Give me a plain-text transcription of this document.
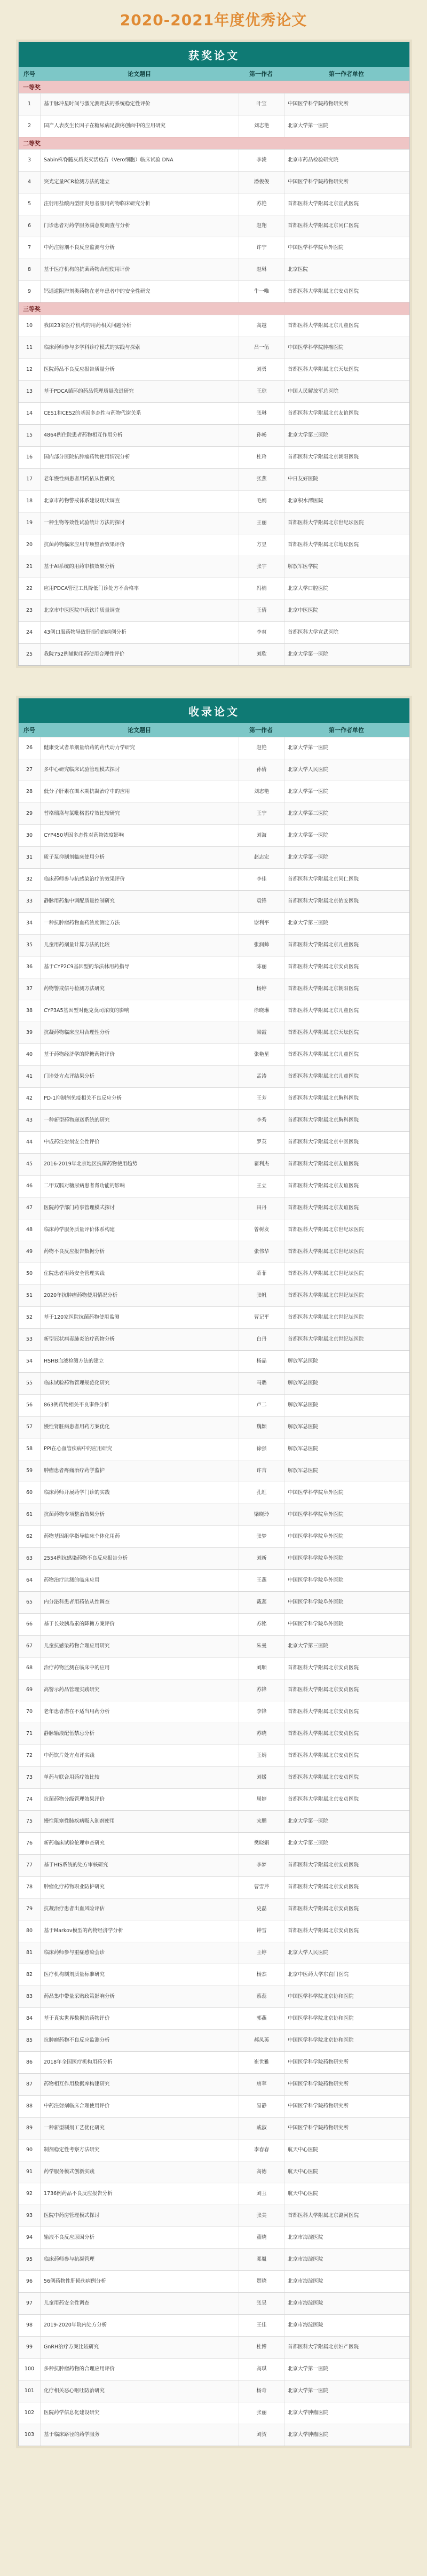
2020-2021年度优秀论文
获奖论文
序号	论文题目	第一作者	第一作者单位
一等奖
1	基于脉冲星时间与激光测距法的系统稳定性评价	叶宝	中国医学科学院药物研究所
2	国产人表皮生长因子在糖尿病足溃疡创面中的应用研究	刘志艳	北京大学第一医院
二等奖
3	Sabin株脊髓灰质炎灭活疫苗（Vero细胞）临床试验 DNA	李淩	北京市药品检验研究院
4	突光定量PCR检测方法的建立	潘俊俊	中国医学科学院药物研究所
5	注射用盐酸丙型肝炎患者服用药物临床研究分析	苏艳	首都医科大学附属北京宣武医院
6	门诊患者对药学服务满意度调查与分析	赵翔	首都医科大学附属北京同仁医院
7	中药注射剂不良反应监测与分析	许宁	中国医学科学院阜外医院
8	基于医疗机构的抗菌药物合理使用评价	赵琳	北京医院
9	钙通道阻滞剂类药物在老年患者中的安全性研究	牛一唯	首都医科大学附属北京安贞医院
三等奖
10	我国23家医疗机构的用药相关问题分析	高越	首都医科大学附属北京儿童医院
11	临床药师参与多学科诊疗模式的实践与探索	吕一伍	中国医学科学院肿瘤医院
12	医院药品不良反应报告质量分析	刘勇	首都医科大学附属北京天坛医院
13	基于PDCA循环的药品管理质量改进研究	王琼	中国人民解放军总医院
14	CES1和CES2的基因多态性与药物代谢关系	张琳	首都医科大学附属北京友谊医院
15	4864例住院患者药物相互作用分析	孙畅	北京大学第三医院
16	国内部分医院抗肿瘤药物使用情况分析	杜玲	首都医科大学附属北京朝阳医院
17	老年慢性病患者用药依从性研究	张燕	中日友好医院
18	北京市药物警戒体系建设现状调查	毛娟	北京积水潭医院
19	一种生物等效性试验统计方法的探讨	王丽	首都医科大学附属北京世纪坛医院
20	抗菌药物临床应用专项整治效果评价	方昱	首都医科大学附属北京地坛医院
21	基于AI系统的用药审核效果分析	张宇	解放军医学院
22	应用PDCA管理工具降低门诊处方不合格率	冯楠	北京大学口腔医院
23	北京市中医医院中药饮片质量调查	王倩	北京中医医院
24	43例口服药物导致肝损伤的病例分析	李爽	首都医科大学宣武医院
25	我院752例辅助用药使用合理性评价	刘欣	北京大学第一医院
收录论文
序号	论文题目	第一作者	第一作者单位
26	健康受试者单剂量给药的药代动力学研究	赵艳	北京大学第一医院
27	多中心研究临床试验管理模式探讨	孙倩	北京大学人民医院
28	低分子肝素在围术期抗凝治疗中的应用	刘志艳	北京大学第一医院
29	替格瑞洛与氯吡格雷疗效比较研究	王宁	北京大学第三医院
30	CYP450基因多态性对药物浓度影响	刘海	北京大学第一医院
31	质子泵抑制剂临床使用分析	赵志宏	北京大学第一医院
32	临床药师参与抗感染治疗的效果评价	李佳	首都医科大学附属北京同仁医院
33	静脉用药集中调配质量控制研究	袁锋	首都医科大学附属北京佑安医院
34	一种抗肿瘤药物血药浓度测定方法	谢利平	北京大学第三医院
35	儿童用药剂量计算方法的比较	张润帅	首都医科大学附属北京儿童医院
36	基于CYP2C9基因型的华法林用药指导	陈丽	首都医科大学附属北京安贞医院
37	药物警戒信号检测方法研究	杨婷	首都医科大学附属北京朝阳医院
38	CYP3A5基因型对他克莫司浓度的影响	徐晓琳	首都医科大学附属北京儿童医院
39	抗凝药物临床应用合理性分析	梁霞	首都医科大学附属北京天坛医院
40	基于药物经济学的降糖药物评价	张艳星	首都医科大学附属北京儿童医院
41	门诊处方点评结果分析	孟涛	首都医科大学附属北京儿童医院
42	PD-1抑制剂免疫相关不良反应分析	王芳	首都医科大学附属北京胸科医院
43	一种新型药物递送系统的研究	李秀	首都医科大学附属北京胸科医院
44	中成药注射剂安全性评价	罗英	首都医科大学附属北京中医医院
45	2016-2019年北京地区抗菌药物使用趋势	翟利杰	首都医科大学附属北京友谊医院
46	二甲双胍对糖尿病患者肾功能的影响	王立	首都医科大学附属北京友谊医院
47	医院药学部门药事管理模式探讨	田丹	首都医科大学附属北京友谊医院
48	临床药学服务质量评价体系构建	曾树发	首都医科大学附属北京世纪坛医院
49	药物不良反应报告数据分析	张伟华	首都医科大学附属北京世纪坛医院
50	住院患者用药安全管理实践	薛菲	首都医科大学附属北京世纪坛医院
51	2020年抗肿瘤药物使用情况分析	张帆	首都医科大学附属北京世纪坛医院
52	基于120家医院抗菌药物使用监测	曹记平	首都医科大学附属北京世纪坛医院
53	新型冠状病毒肺炎治疗药物分析	白丹	首都医科大学附属北京世纪坛医院
54	HSHB血液检测方法的建立	杨晶	解放军总医院
55	临床试验药物管理规范化研究	马璐	解放军总医院
56	863例药物相关不良事件分析	卢二	解放军总医院
57	慢性肾脏病患者用药方案优化	魏颖	解放军总医院
58	PPI在心血管疾病中的应用研究	徐强	解放军总医院
59	肿瘤患者疼痛治疗药学监护	许吉	解放军总医院
60	临床药师开展药学门诊的实践	孔虹	中国医学科学院阜外医院
61	抗菌药物专项整治效果分析	梁晓玲	中国医学科学院阜外医院
62	药物基因组学指导临床个体化用药	张梦	中国医学科学院阜外医院
63	2554例抗感染药物不良反应报告分析	刘新	中国医学科学院阜外医院
64	药物治疗监测的临床应用	王燕	中国医学科学院阜外医院
65	内分泌科患者用药依从性调查	戴蕊	中国医学科学院阜外医院
66	基于长效胰岛素的降糖方案评价	苏铭	中国医学科学院阜外医院
67	儿童抗感染药物合理应用研究	朱曼	北京大学第三医院
68	治疗药物监测在临床中的应用	刘顺	首都医科大学附属北京安贞医院
69	高警示药品管理实践研究	苏锋	首都医科大学附属北京安贞医院
70	老年患者潜在不适当用药分析	李锋	首都医科大学附属北京安贞医院
71	静脉输液配伍禁忌分析	苏晓	首都医科大学附属北京安贞医院
72	中药饮片处方点评实践	王婧	首都医科大学附属北京安贞医院
73	单药与联合用药疗效比较	刘媛	首都医科大学附属北京安贞医院
74	抗菌药物分级管理效果评价	周婷	首都医科大学附属北京安贞医院
75	慢性阻塞性肺疾病吸入制剂使用	宋鹏	北京大学第一医院
76	新药临床试验伦理审查研究	樊晓娟	北京大学第三医院
77	基于HIS系统的处方审核研究	李梦	首都医科大学附属北京安贞医院
78	肿瘤化疗药物职业防护研究	曹雪芹	首都医科大学附属北京安贞医院
79	抗凝治疗患者出血风险评估	史磊	首都医科大学附属北京安贞医院
80	基于Markov模型的药物经济学分析	钟雪	首都医科大学附属北京安贞医院
81	临床药师参与重症感染会诊	王婷	北京大学人民医院
82	医疗机构制剂质量标准研究	杨杰	北京中医药大学东直门医院
83	药品集中带量采购政策影响分析	蔡蕊	中国医学科学院北京协和医院
84	基于真实世界数据的药物评价	郭燕	中国医学科学院北京协和医院
85	抗肿瘤药物不良反应监测分析	郝凤英	中国医学科学院北京协和医院
86	2018年全国医疗机构用药分析	崔世雅	中国医学科学院药物研究所
87	药物相互作用数据库构建研究	唐萃	中国医学科学院药物研究所
88	中药注射剂临床合理使用评价	易静	中国医学科学院药物研究所
89	一种新型制剂工艺优化研究	戚淑	中国医学科学院药物研究所
90	制剂稳定性考察方法研究	李春春	航天中心医院
91	药学服务模式创新实践	高德	航天中心医院
92	1736例药品不良反应报告分析	刘玉	航天中心医院
93	医院中药房管理模式探讨	张美	首都医科大学附属北京潞河医院
94	输液不良反应原因分析	董晓	北京市海淀医院
95	临床药师参与抗凝管理	邓胤	北京市海淀医院
96	56例药物性肝损伤病例分析	贺晓	北京市海淀医院
97	儿童用药安全性调查	张昊	北京市海淀医院
98	2019-2020年院内处方分析	王佳	北京市海淀医院
99	GnRH治疗方案比较研究	杜博	首都医科大学附属北京妇产医院
100	多种抗肿瘤药物的合理应用评价	高琪	北京大学第一医院
101	化疗相关恶心呕吐防治研究	杨奇	北京大学第一医院
102	医院药学信息化建设研究	张丽	北京大学肿瘤医院
103	基于临床路径的药学服务	刘贺	北京大学肿瘤医院
